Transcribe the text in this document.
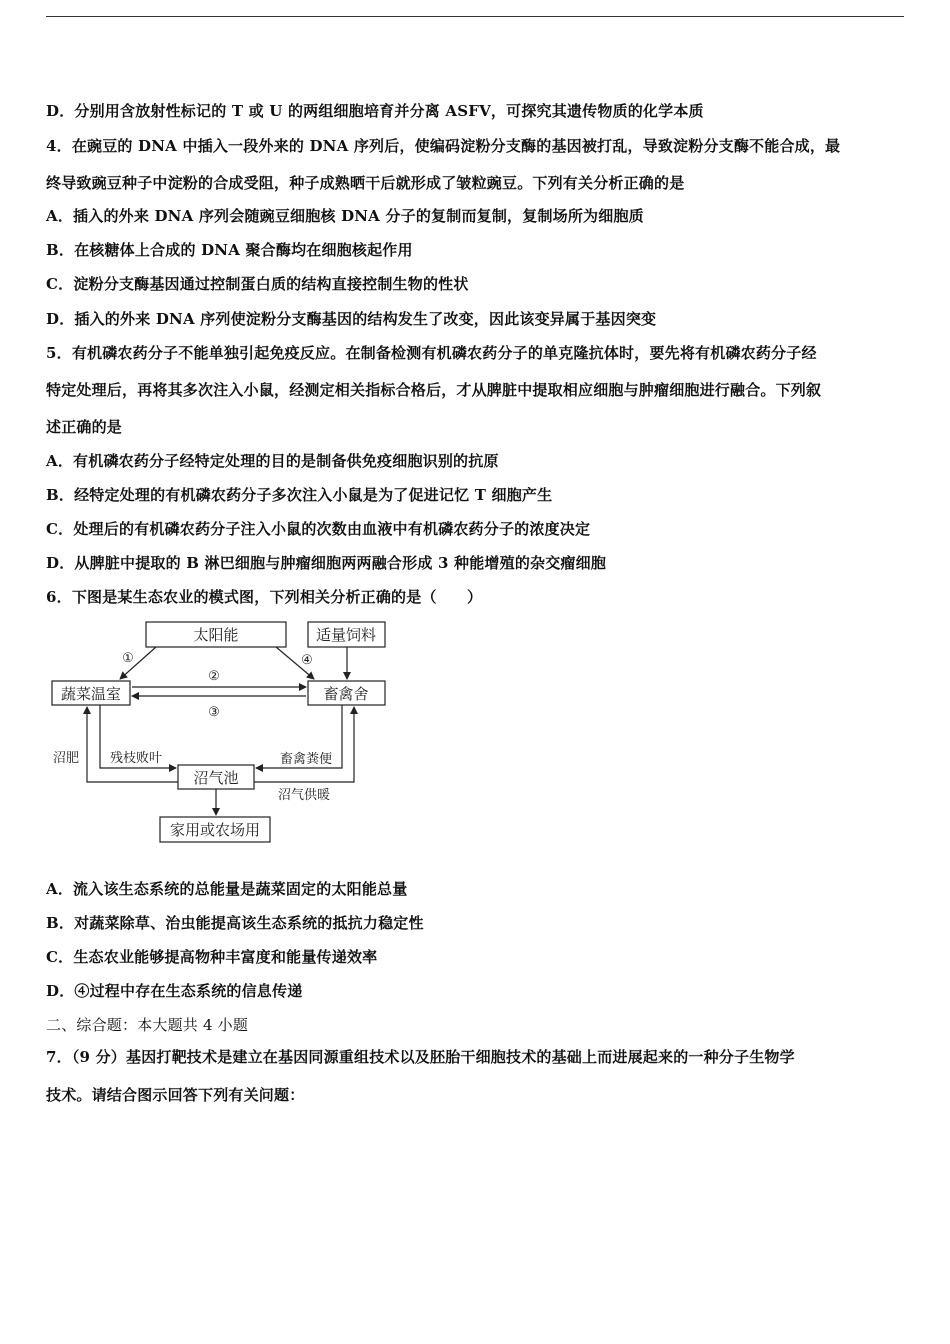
D．分别用含放射性标记的 T 或 U 的两组细胞培育并分离 ASFV，可探究其遗传物质的化学本质
4．在豌豆的 DNA 中插入一段外来的 DNA 序列后，使编码淀粉分支酶的基因被打乱，导致淀粉分支酶不能合成，最
终导致豌豆种子中淀粉的合成受阻，种子成熟晒干后就形成了皱粒豌豆。下列有关分析正确的是
A．插入的外来 DNA 序列会随豌豆细胞核 DNA 分子的复制而复制，复制场所为细胞质
B．在核糖体上合成的 DNA 聚合酶均在细胞核起作用
C．淀粉分支酶基因通过控制蛋白质的结构直接控制生物的性状
D．插入的外来 DNA 序列使淀粉分支酶基因的结构发生了改变，因此该变异属于基因突变
5．有机磷农药分子不能单独引起免疫反应。在制备检测有机磷农药分子的单克隆抗体时，要先将有机磷农药分子经
特定处理后，再将其多次注入小鼠，经测定相关指标合格后，才从脾脏中提取相应细胞与肿瘤细胞进行融合。下列叙
述正确的是
A．有机磷农药分子经特定处理的目的是制备供免疫细胞识别的抗原
B．经特定处理的有机磷农药分子多次注入小鼠是为了促进记忆 T 细胞产生
C．处理后的有机磷农药分子注入小鼠的次数由血液中有机磷农药分子的浓度决定
D．从脾脏中提取的 B 淋巴细胞与肿瘤细胞两两融合形成 3 种能增殖的杂交瘤细胞
6．下图是某生态农业的模式图，下列相关分析正确的是（　　）
太阳能	适量饲料
蔬菜温室	畜禽舍
沼气池
家用或农场用
①	④
②
③
沼肥 残枝败叶	畜禽粪便
沼气供暖
A．流入该生态系统的总能量是蔬菜固定的太阳能总量
B．对蔬菜除草、治虫能提高该生态系统的抵抗力稳定性
C．生态农业能够提高物种丰富度和能量传递效率
D．④过程中存在生态系统的信息传递
二、综合题：本大题共 4 小题
7．（9 分）基因打靶技术是建立在基因同源重组技术以及胚胎干细胞技术的基础上而进展起来的一种分子生物学
技术。请结合图示回答下列有关问题：
